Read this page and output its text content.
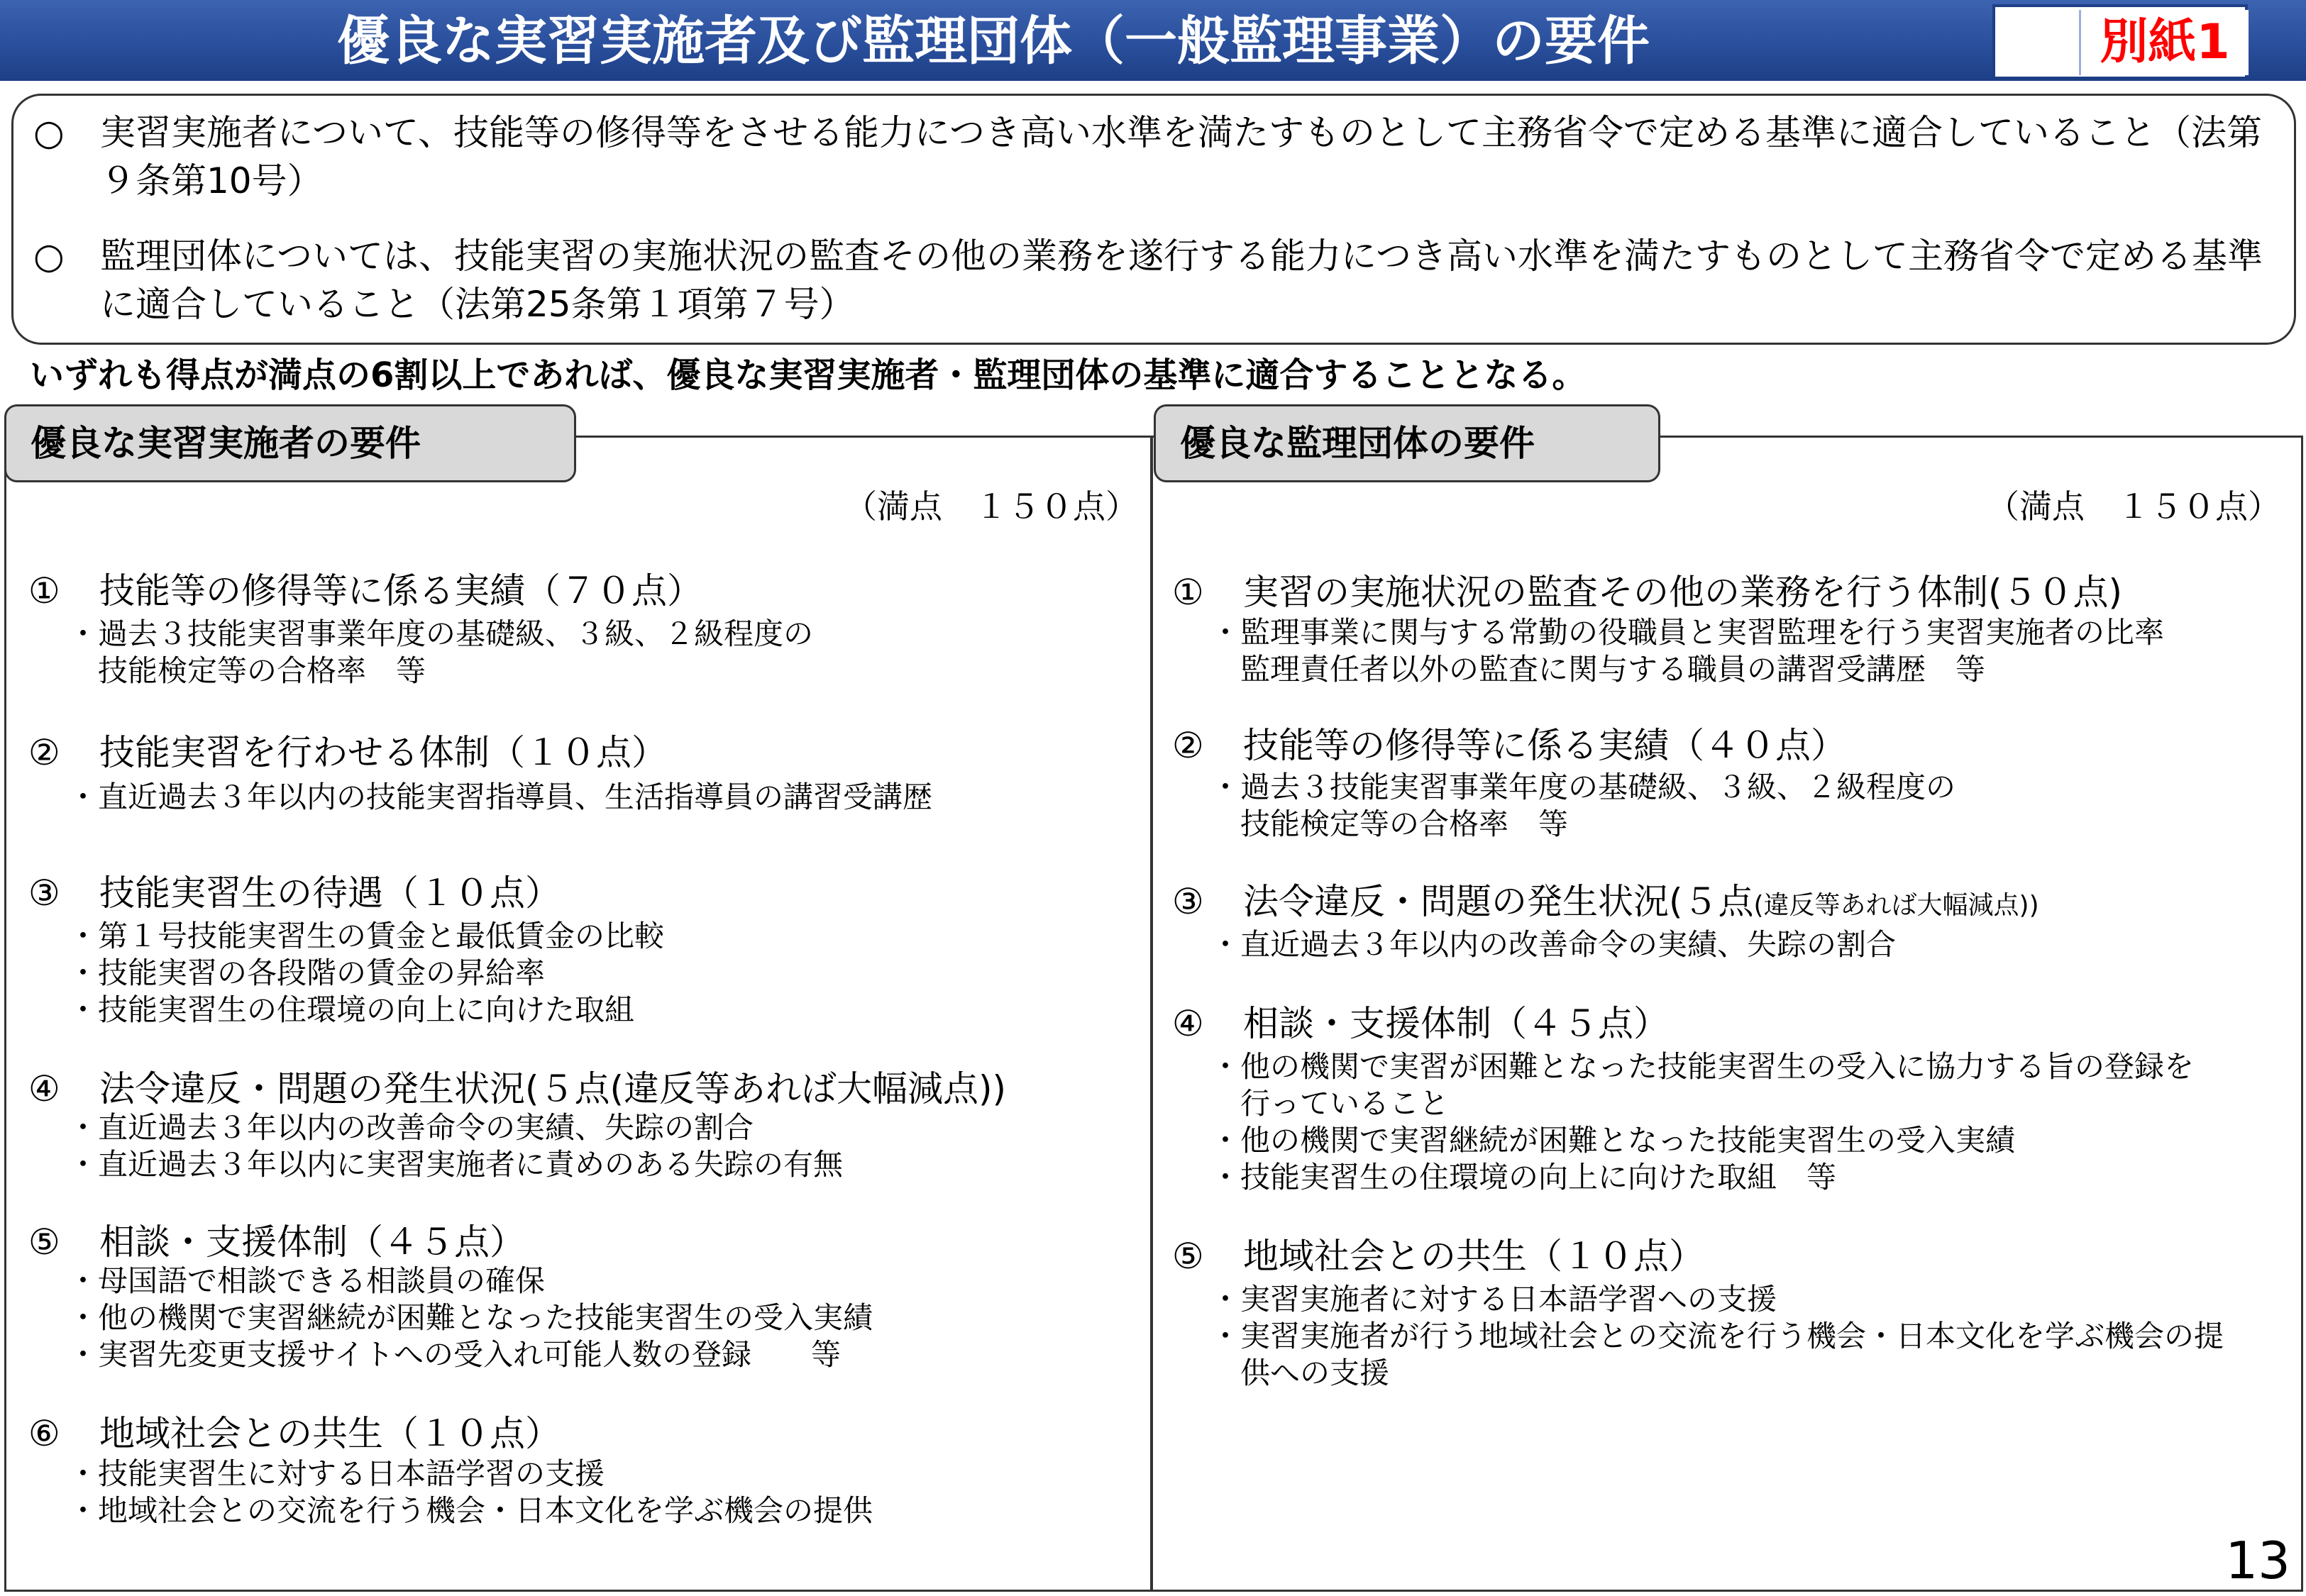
優良な実習実施者及び監理団体（一般監理事業）の要件	別紙1
○	実習実施者について、技能等の修得等をさせる能力につき高い水準を満たすものとして主務省令で定める基準に適合していること（法第９条第10号）
○	監理団体については、技能実習の実施状況の監査その他の業務を遂行する能力につき高い水準を満たすものとして主務省令で定める基準に適合していること（法第25条第１項第７号）
いずれも得点が満点の6割以上であれば、優良な実習実施者・監理団体の基準に適合することとなる。
優良な実習実施者の要件
（満点　１５０点）
① 技能等の修得等に係る実績（７０点）
・過去３技能実習事業年度の基礎級、３級、２級程度の
　技能検定等の合格率　等
② 技能実習を行わせる体制（１０点）
・直近過去３年以内の技能実習指導員、生活指導員の講習受講歴
③ 技能実習生の待遇（１０点）
・第１号技能実習生の賃金と最低賃金の比較
・技能実習の各段階の賃金の昇給率
・技能実習生の住環境の向上に向けた取組
④ 法令違反・問題の発生状況(５点(違反等あれば大幅減点))
・直近過去３年以内の改善命令の実績、失踪の割合
・直近過去３年以内に実習実施者に責めのある失踪の有無
⑤ 相談・支援体制（４５点）
・母国語で相談できる相談員の確保
・他の機関で実習継続が困難となった技能実習生の受入実績
・実習先変更支援サイトへの受入れ可能人数の登録　　等
⑥ 地域社会との共生（１０点）
・技能実習生に対する日本語学習の支援
・地域社会との交流を行う機会・日本文化を学ぶ機会の提供
優良な監理団体の要件
（満点　１５０点）
① 実習の実施状況の監査その他の業務を行う体制(５０点)
・監理事業に関与する常勤の役職員と実習監理を行う実習実施者の比率
　監理責任者以外の監査に関与する職員の講習受講歴　等
② 技能等の修得等に係る実績（４０点）
・過去３技能実習事業年度の基礎級、３級、２級程度の
　技能検定等の合格率　等
③ 法令違反・問題の発生状況(５点(違反等あれば大幅減点))
・直近過去３年以内の改善命令の実績、失踪の割合
④ 相談・支援体制（４５点）
・他の機関で実習が困難となった技能実習生の受入に協力する旨の登録を
　行っていること
・他の機関で実習継続が困難となった技能実習生の受入実績
・技能実習生の住環境の向上に向けた取組　等
⑤ 地域社会との共生（１０点）
・実習実施者に対する日本語学習への支援
・実習実施者が行う地域社会との交流を行う機会・日本文化を学ぶ機会の提
　供への支援
13
